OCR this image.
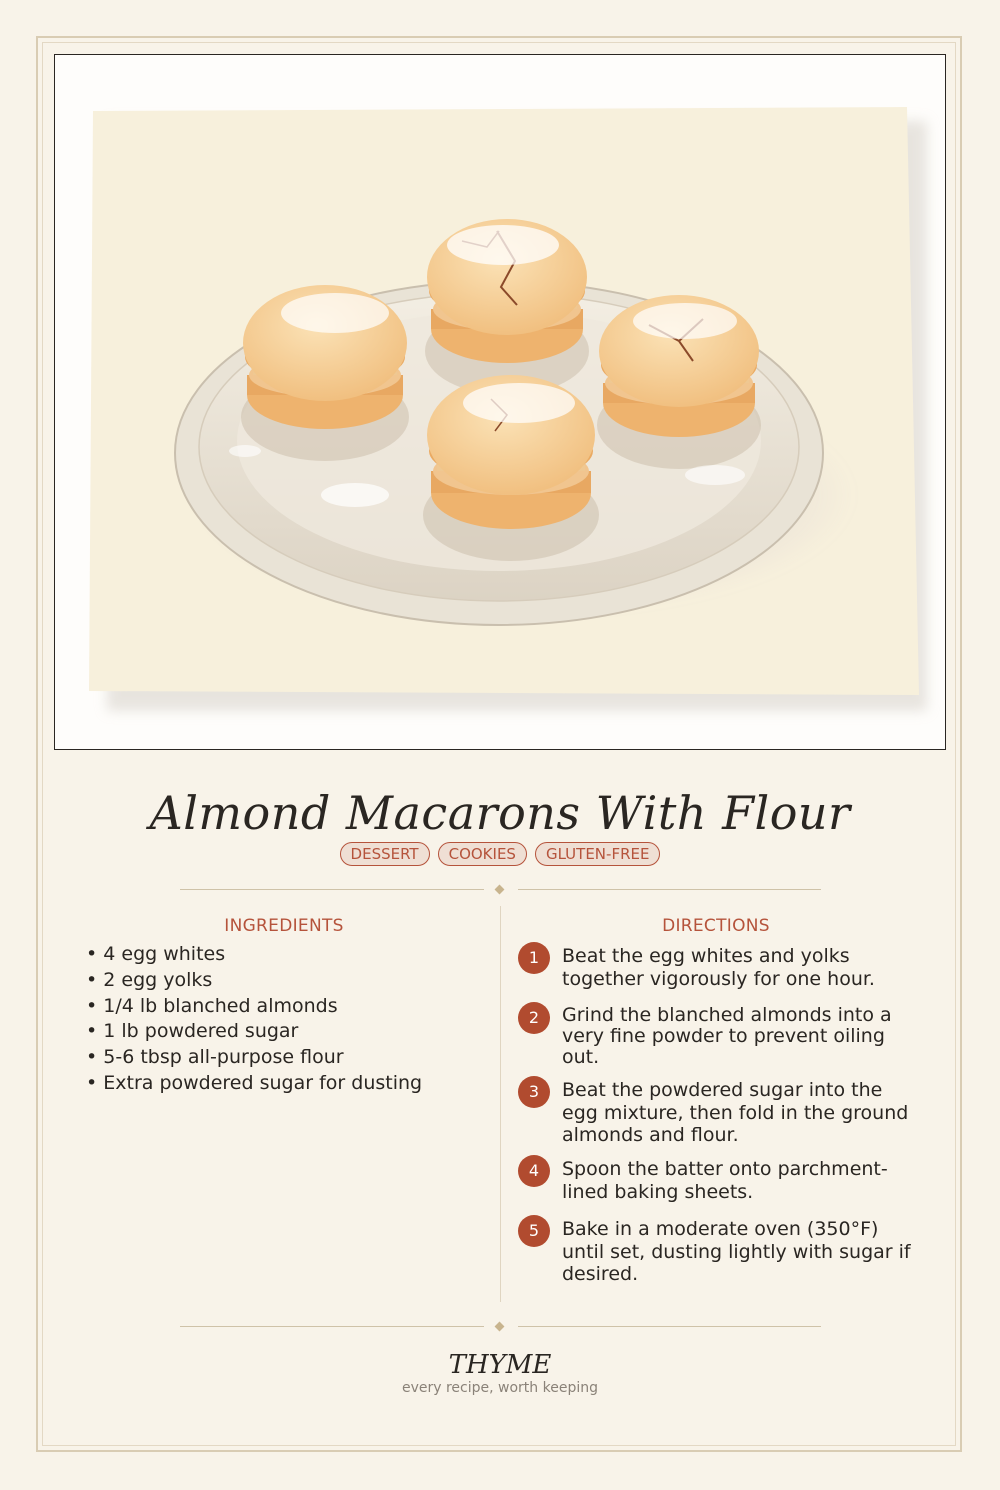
Almond Macarons With Flour
DESSERT	COOKIES	GLUTEN-FREE
INGREDIENTS
• 4 egg whites
• 2 egg yolks
• 1/4 lb blanched almonds
• 1 lb powdered sugar
• 5-6 tbsp all-purpose flour
• Extra powdered sugar for dusting
DIRECTIONS
1	Beat the egg whites and yolks together vigorously for one hour.
2	Grind the blanched almonds into a very fine powder to prevent oiling out.
3	Beat the powdered sugar into the egg mixture, then fold in the ground almonds and flour.
4	Spoon the batter onto parchment-lined baking sheets.
5	Bake in a moderate oven (350°F) until set, dusting lightly with sugar if desired.
THYME
every recipe, worth keeping
